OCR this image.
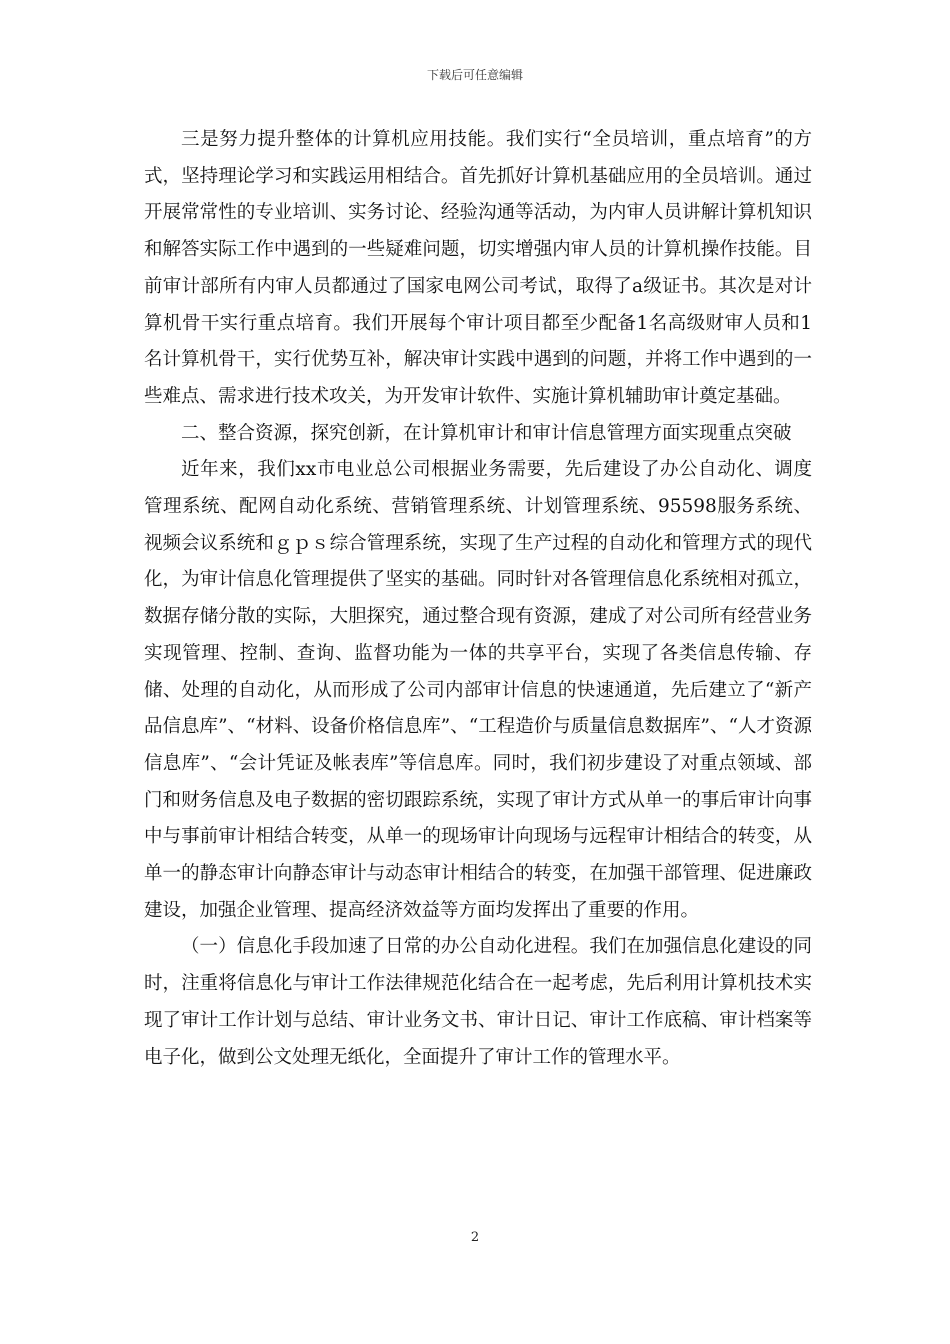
下载后可任意编辑

三是努力提升整体的计算机应用技能。我们实行“全员培训，重点培育”的方式，坚持理论学习和实践运用相结合。首先抓好计算机基础应用的全员培训。通过开展常常性的专业培训、实务讨论、经验沟通等活动，为内审人员讲解计算机知识和解答实际工作中遇到的一些疑难问题，切实增强内审人员的计算机操作技能。目前审计部所有内审人员都通过了国家电网公司考试，取得了a级证书。其次是对计算机骨干实行重点培育。我们开展每个审计项目都至少配备1名高级财审人员和1名计算机骨干，实行优势互补，解决审计实践中遇到的问题，并将工作中遇到的一些难点、需求进行技术攻关，为开发审计软件、实施计算机辅助审计奠定基础。

二、整合资源，探究创新，在计算机审计和审计信息管理方面实现重点突破

近年来，我们xx市电业总公司根据业务需要，先后建设了办公自动化、调度管理系统、配网自动化系统、营销管理系统、计划管理系统、95598服务系统、视频会议系统和ｇｐｓ综合管理系统，实现了生产过程的自动化和管理方式的现代化，为审计信息化管理提供了坚实的基础。同时针对各管理信息化系统相对孤立，数据存储分散的实际，大胆探究，通过整合现有资源，建成了对公司所有经营业务实现管理、控制、查询、监督功能为一体的共享平台，实现了各类信息传输、存储、处理的自动化，从而形成了公司内部审计信息的快速通道，先后建立了“新产品信息库”、“材料、设备价格信息库”、“工程造价与质量信息数据库”、“人才资源信息库”、“会计凭证及帐表库”等信息库。同时，我们初步建设了对重点领域、部门和财务信息及电子数据的密切跟踪系统，实现了审计方式从单一的事后审计向事中与事前审计相结合转变，从单一的现场审计向现场与远程审计相结合的转变，从单一的静态审计向静态审计与动态审计相结合的转变，在加强干部管理、促进廉政建设，加强企业管理、提高经济效益等方面均发挥出了重要的作用。

（一）信息化手段加速了日常的办公自动化进程。我们在加强信息化建设的同时，注重将信息化与审计工作法律规范化结合在一起考虑，先后利用计算机技术实现了审计工作计划与总结、审计业务文书、审计日记、审计工作底稿、审计档案等电子化，做到公文处理无纸化，全面提升了审计工作的管理水平。

2
